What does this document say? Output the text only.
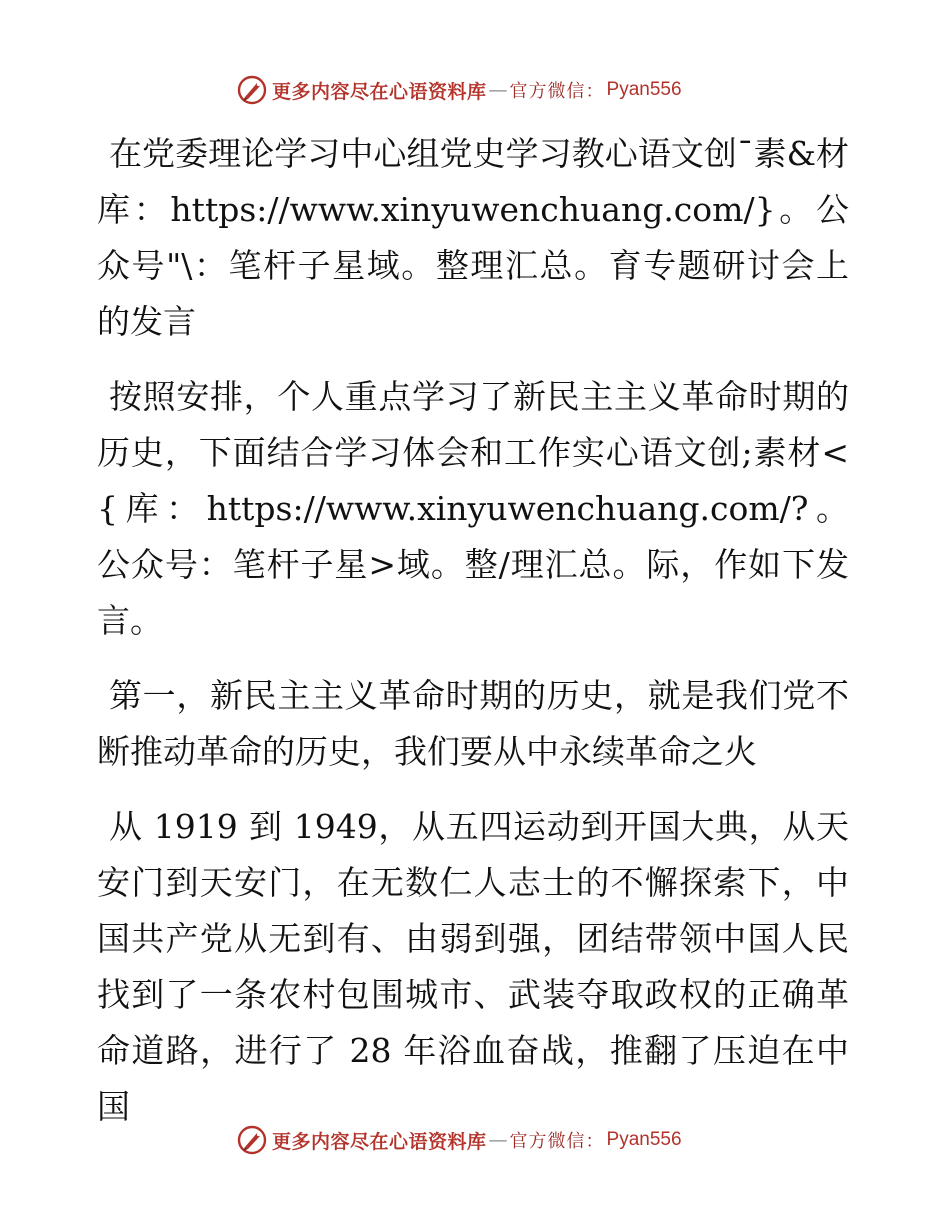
更多内容尽在心语资料库 — 官方微信： Pyan556

在党委理论学习中心组党史学习教心语文创¯素&材库：https://www.xinyuwenchuang.com/}。公众号"\：笔杆子星域。整理汇总。育专题研讨会上的发言

按照安排，个人重点学习了新民主主义革命时期的历史，下面结合学习体会和工作实心语文创;素材<{库：https://www.xinyuwenchuang.com/?。公众号：笔杆子星>域。整/理汇总。际，作如下发言。

第一，新民主主义革命时期的历史，就是我们党不断推动革命的历史，我们要从中永续革命之火

从 1919 到 1949，从五四运动到开国大典，从天安门到天安门，在无数仁人志士的不懈探索下，中国共产党从无到有、由弱到强，团结带领中国人民找到了一条农村包围城市、武装夺取政权的正确革命道路，进行了 28 年浴血奋战，推翻了压迫在中国

更多内容尽在心语资料库 — 官方微信： Pyan556
